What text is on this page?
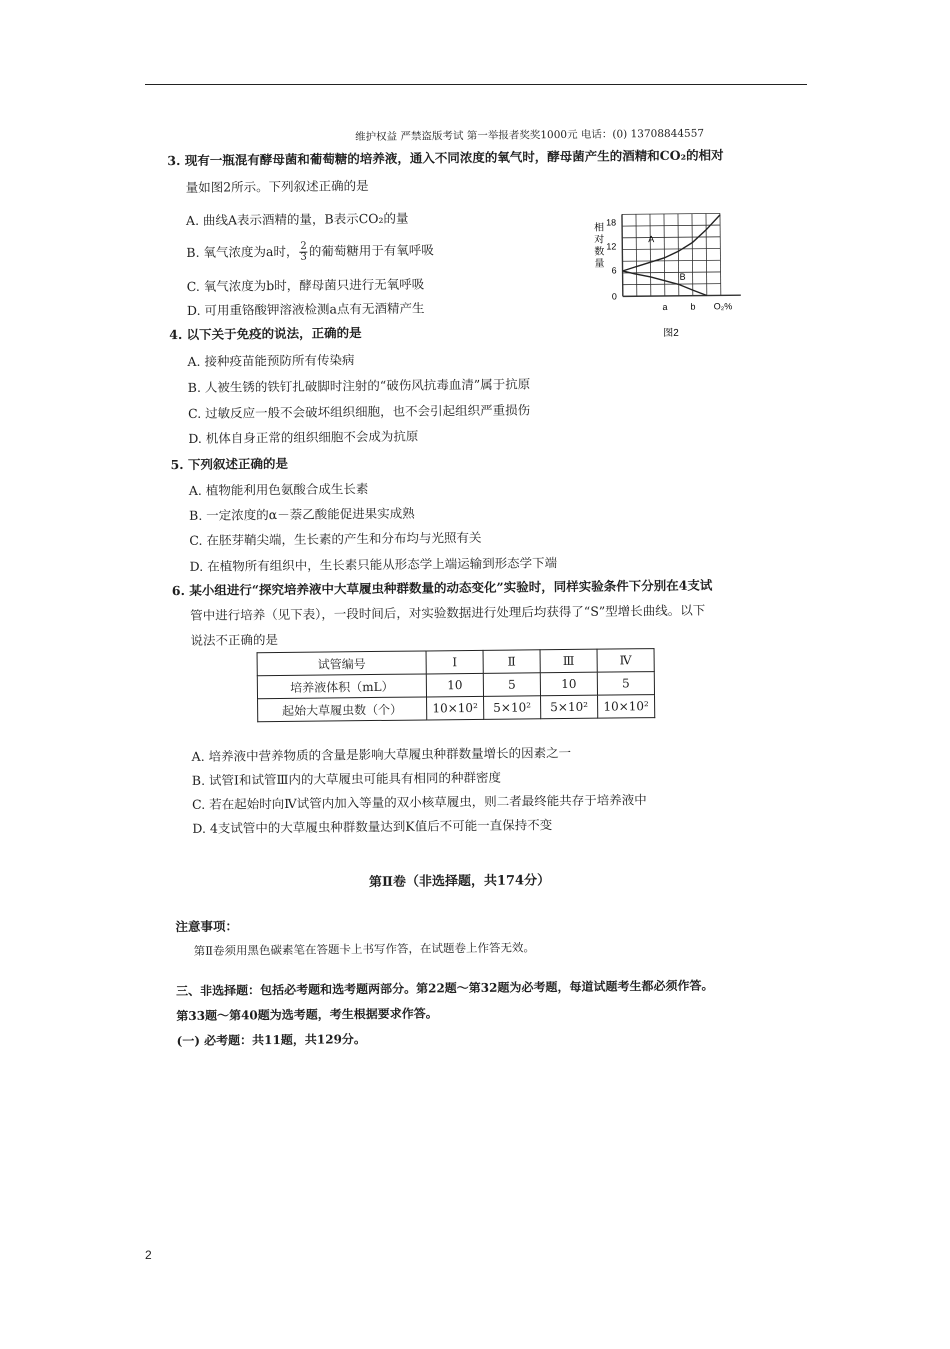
维护权益 严禁盗版考试 第一举报者奖奖1000元 电话：(0) 13708844557
3. 现有一瓶混有酵母菌和葡萄糖的培养液，通入不同浓度的氧气时，酵母菌产生的酒精和CO₂的相对
量如图2所示。下列叙述正确的是
A. 曲线A表示酒精的量，B表示CO₂的量
B. 氧气浓度为a时， $\frac{2}{3}$ 的葡萄糖用于有氧呼吸
C. 氧气浓度为b时，酵母菌只进行无氧呼吸
D. 可用重铬酸钾溶液检测a点有无酒精产生
相
对
数
量
18
12
6
0
a	b O₂%
A
B
图2
4. 以下关于免疫的说法，正确的是
A. 接种疫苗能预防所有传染病
B. 人被生锈的铁钉扎破脚时注射的“破伤风抗毒血清”属于抗原
C. 过敏反应一般不会破坏组织细胞，也不会引起组织严重损伤
D. 机体自身正常的组织细胞不会成为抗原
5. 下列叙述正确的是
A. 植物能利用色氨酸合成生长素
B. 一定浓度的α－萘乙酸能促进果实成熟
C. 在胚芽鞘尖端，生长素的产生和分布均与光照有关
D. 在植物所有组织中，生长素只能从形态学上端运输到形态学下端
6. 某小组进行“探究培养液中大草履虫种群数量的动态变化”实验时，同样实验条件下分别在4支试
管中进行培养（见下表），一段时间后，对实验数据进行处理后均获得了“S”型增长曲线。以下
说法不正确的是
试管编号	Ⅰ	Ⅱ	Ⅲ	Ⅳ
培养液体积（mL）	10	5	10	5
起始大草履虫数（个）	10×10²	5×10²	5×10²	10×10²
A. 培养液中营养物质的含量是影响大草履虫种群数量增长的因素之一
B. 试管Ⅰ和试管Ⅲ内的大草履虫可能具有相同的种群密度
C. 若在起始时向Ⅳ试管内加入等量的双小核草履虫，则二者最终能共存于培养液中
D. 4支试管中的大草履虫种群数量达到K值后不可能一直保持不变
第Ⅱ卷（非选择题，共174分）
注意事项：
第Ⅱ卷须用黑色碳素笔在答题卡上书写作答，在试题卷上作答无效。
三、非选择题：包括必考题和选考题两部分。第22题～第32题为必考题，每道试题考生都必须作答。
第33题～第40题为选考题，考生根据要求作答。
(一) 必考题：共11题，共129分。
2
